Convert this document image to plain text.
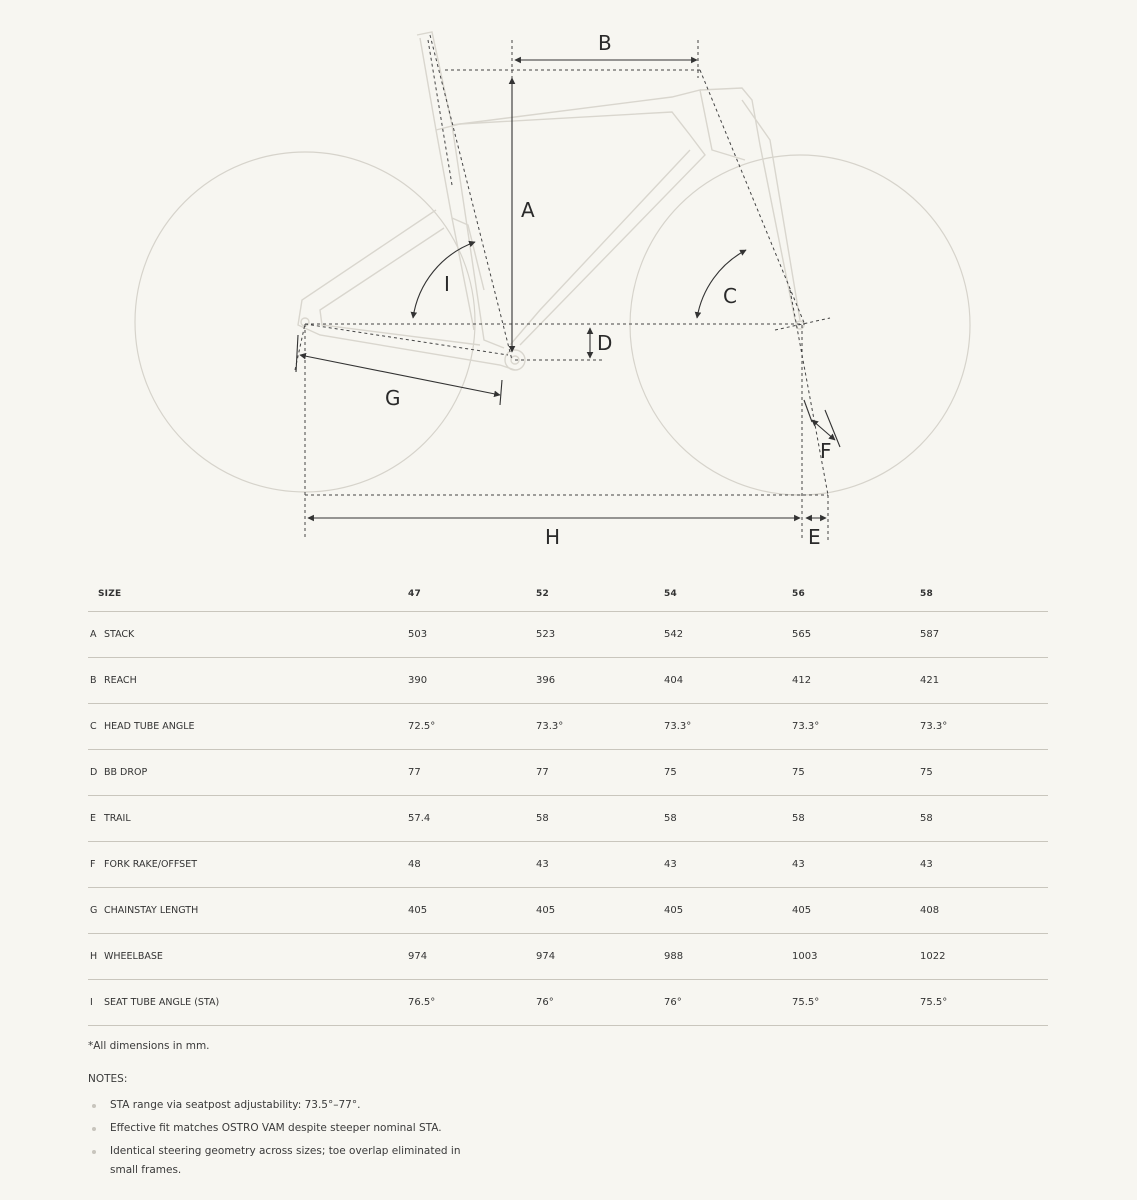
A
B
C
D
E
F
G
H
I
SIZE	47	52	54	56	58
A STACK	503	523	542	565	587
B REACH	390	396	404	412	421
C HEAD TUBE ANGLE	72.5°	73.3°	73.3°	73.3°	73.3°
D BB DROP	77	77	75	75	75
E TRAIL	57.4	58	58	58	58
F FORK RAKE/OFFSET	48	43	43	43	43
G CHAINSTAY LENGTH	405	405	405	405	408
H WHEELBASE	974	974	988	1003	1022
I SEAT TUBE ANGLE (STA)	76.5°	76°	76°	75.5°	75.5°
*All dimensions in mm.
NOTES:
STA range via seatpost adjustability: 73.5°–77°.
Effective fit matches OSTRO VAM despite steeper nominal STA.
Identical steering geometry across sizes; toe overlap eliminated in small frames.
